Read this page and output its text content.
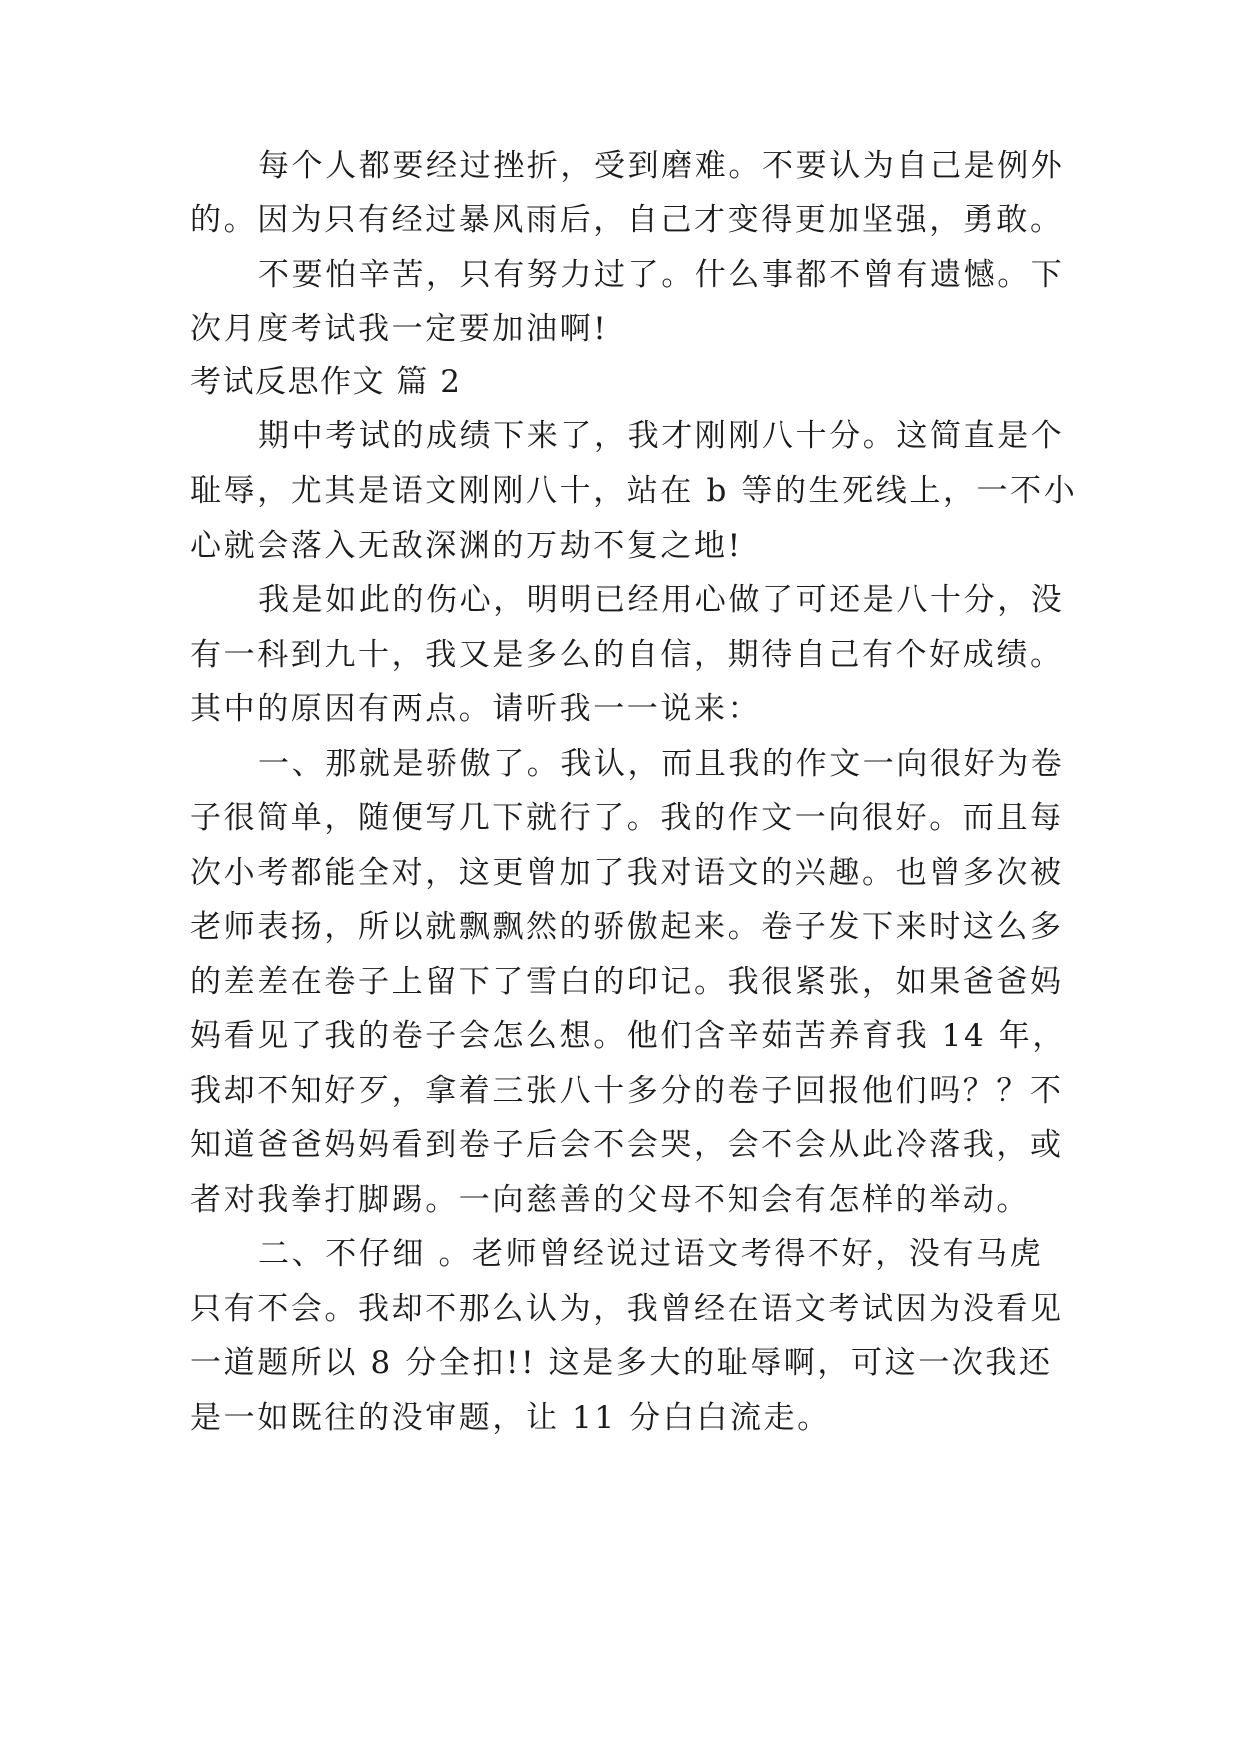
每个人都要经过挫折，受到磨难。不要认为自己是例外

的。因为只有经过暴风雨后，自己才变得更加坚强，勇敢。

不要怕辛苦，只有努力过了。什么事都不曾有遗憾。下

次月度考试我一定要加油啊!

考试反思作文 篇 2

期中考试的成绩下来了，我才刚刚八十分。这简直是个

耻辱，尤其是语文刚刚八十，站在 b 等的生死线上，一不小

心就会落入无敌深渊的万劫不复之地!

我是如此的伤心，明明已经用心做了可还是八十分，没

有一科到九十，我又是多么的自信，期待自己有个好成绩。

其中的原因有两点。请听我一一说来：

一、那就是骄傲了。我认，而且我的作文一向很好为卷

子很简单，随便写几下就行了。我的作文一向很好。而且每

次小考都能全对，这更曾加了我对语文的兴趣。也曾多次被

老师表扬，所以就飘飘然的骄傲起来。卷子发下来时这么多

的差差在卷子上留下了雪白的印记。我很紧张，如果爸爸妈

妈看见了我的卷子会怎么想。他们含辛茹苦养育我 14 年，

我却不知好歹，拿着三张八十多分的卷子回报他们吗？？不

知道爸爸妈妈看到卷子后会不会哭，会不会从此冷落我，或

者对我拳打脚踢。一向慈善的父母不知会有怎样的举动。

二、不仔细 。老师曾经说过语文考得不好，没有马虎

只有不会。我却不那么认为，我曾经在语文考试因为没看见

一道题所以 8 分全扣!! 这是多大的耻辱啊，可这一次我还

是一如既往的没审题，让 11 分白白流走。
